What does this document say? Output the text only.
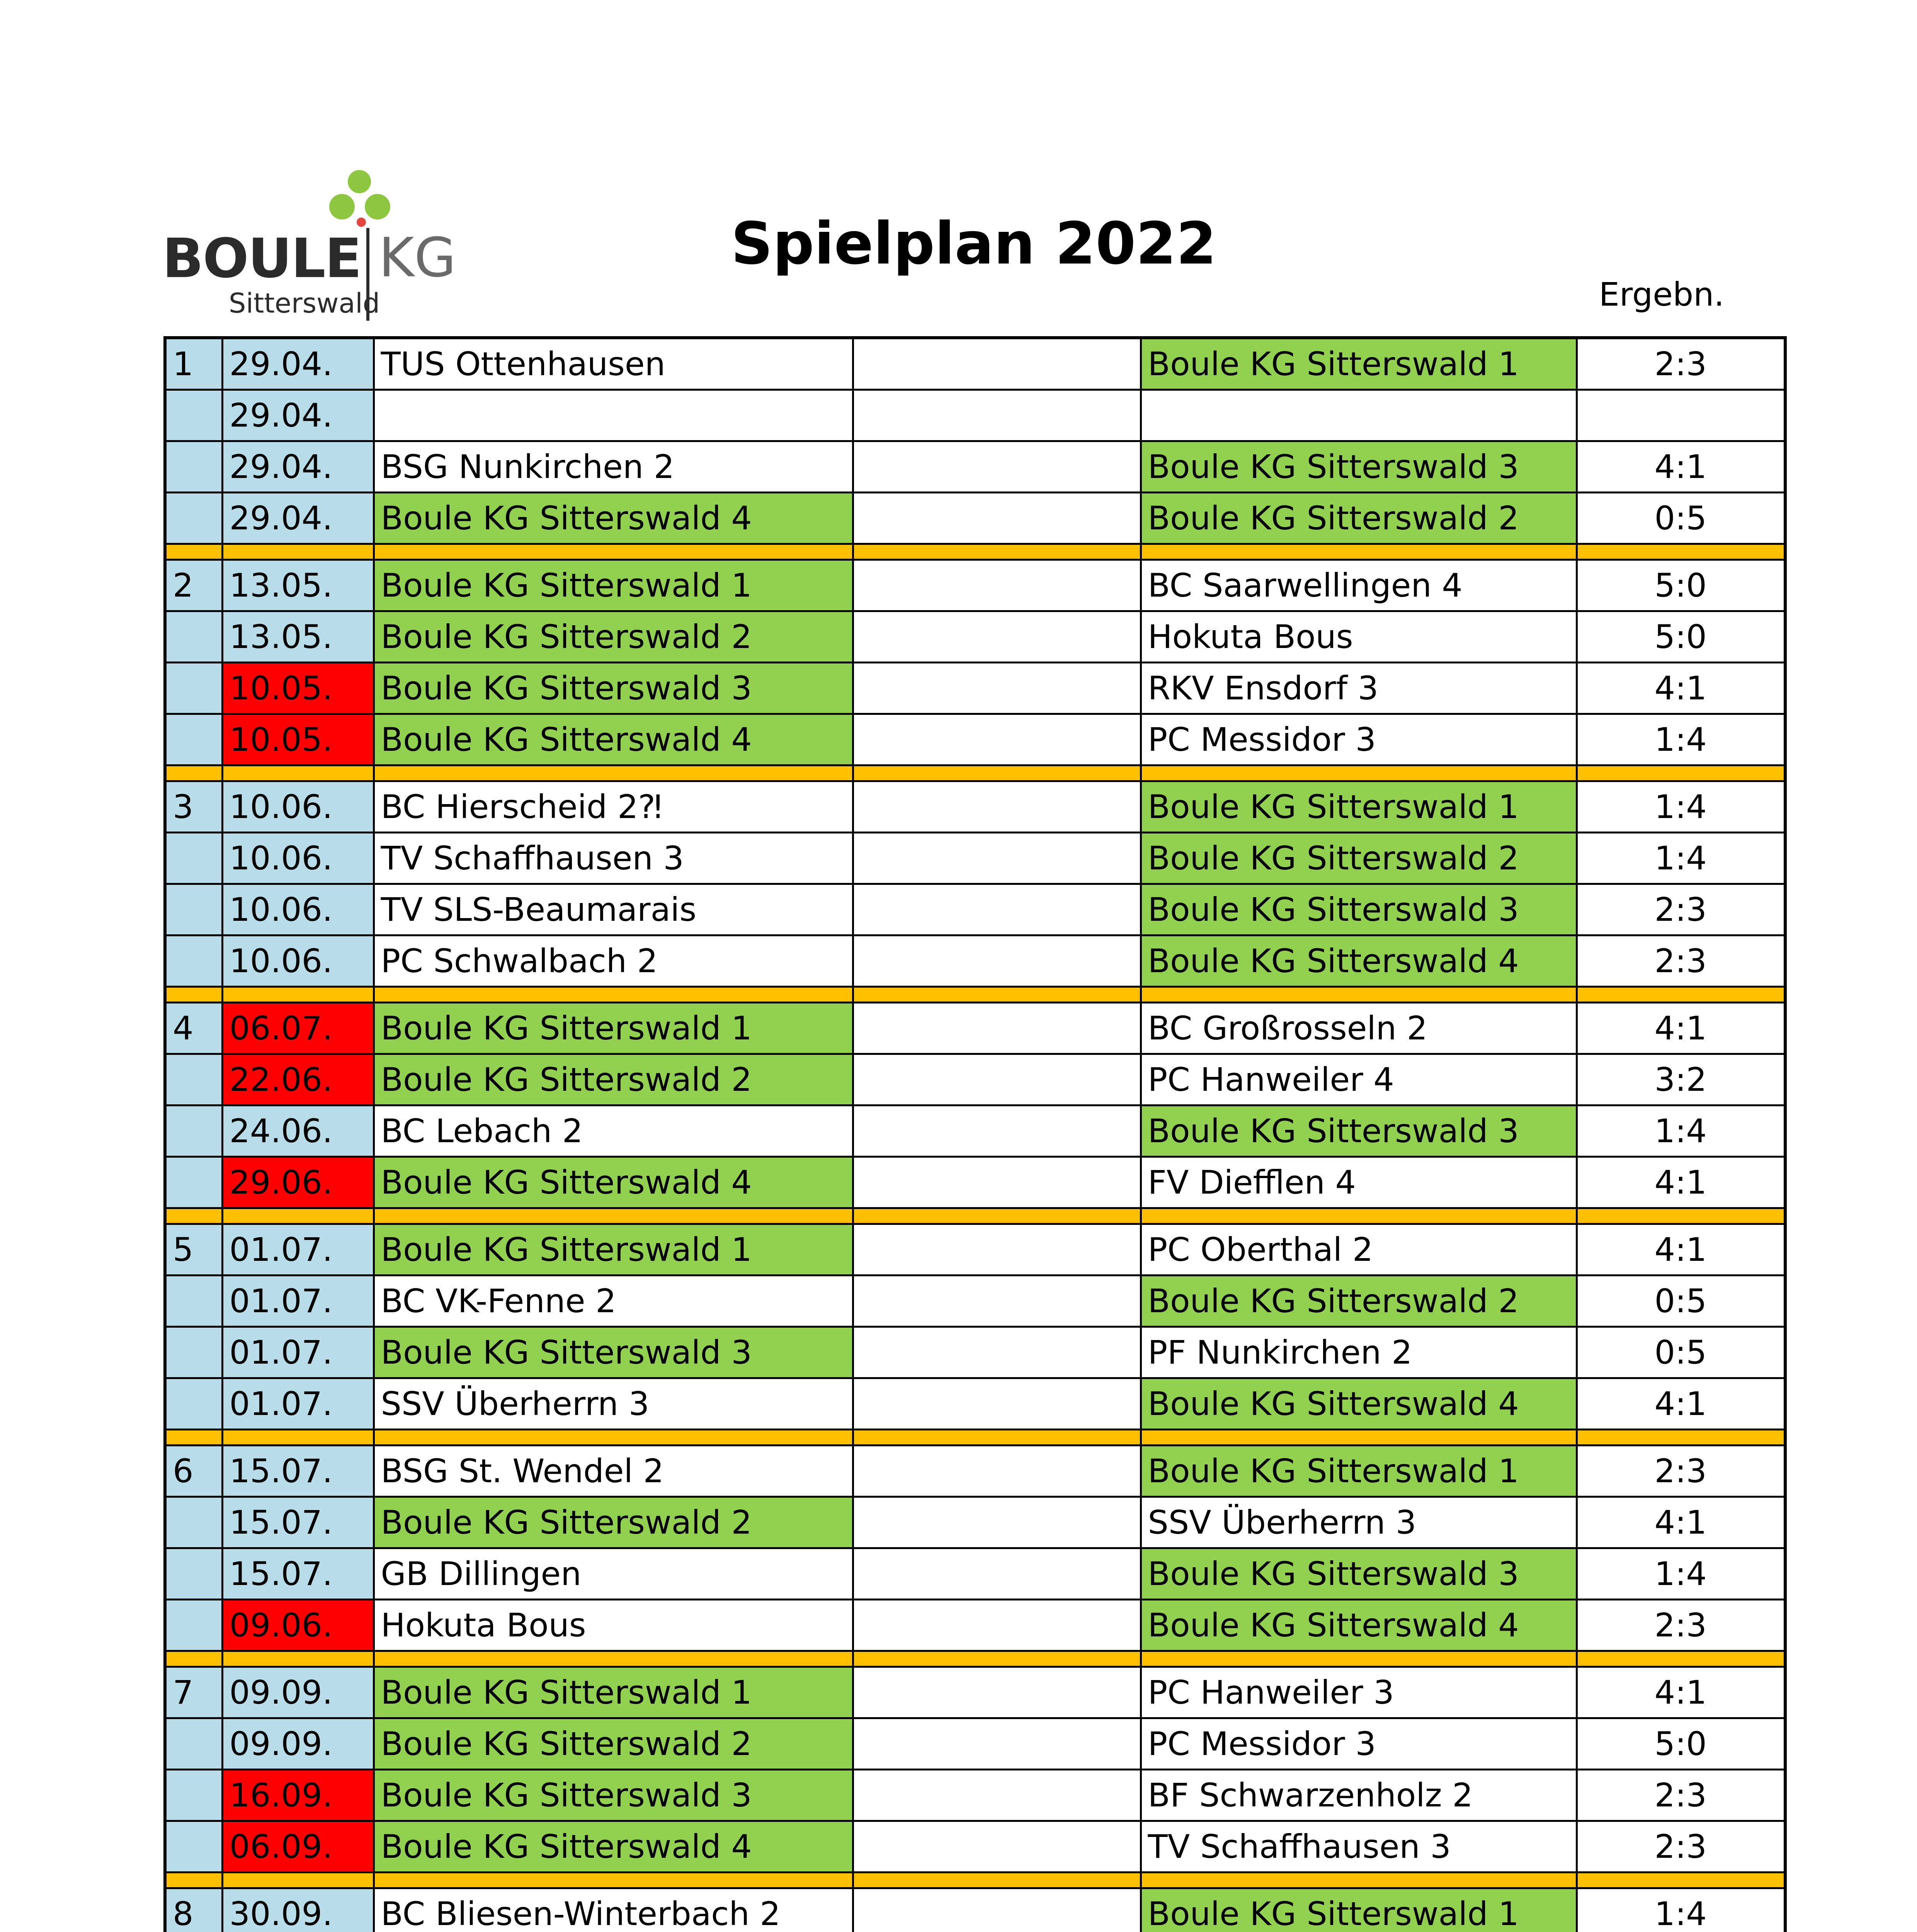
BOULE KG
Sitterswald
Spielplan 2022
Ergebn.
1	29.04.	TUS Ottenhausen		Boule KG Sitterswald 1	2:3
	29.04.				
	29.04.	BSG Nunkirchen 2		Boule KG Sitterswald 3	4:1
	29.04.	Boule KG Sitterswald 4		Boule KG Sitterswald 2	0:5

2	13.05.	Boule KG Sitterswald 1		BC Saarwellingen 4	5:0
	13.05.	Boule KG Sitterswald 2		Hokuta Bous	5:0
	10.05.	Boule KG Sitterswald 3		RKV Ensdorf 3	4:1
	10.05.	Boule KG Sitterswald 4		PC Messidor 3	1:4

3	10.06.	BC Hierscheid 2⁈		Boule KG Sitterswald 1	1:4
	10.06.	TV Schaffhausen 3		Boule KG Sitterswald 2	1:4
	10.06.	TV SLS-Beaumarais		Boule KG Sitterswald 3	2:3
	10.06.	PC Schwalbach 2		Boule KG Sitterswald 4	2:3

4	06.07.	Boule KG Sitterswald 1		BC Großrosseln 2	4:1
	22.06.	Boule KG Sitterswald 2		PC Hanweiler 4	3:2
	24.06.	BC Lebach 2		Boule KG Sitterswald 3	1:4
	29.06.	Boule KG Sitterswald 4		FV Diefflen 4	4:1

5	01.07.	Boule KG Sitterswald 1		PC Oberthal 2	4:1
	01.07.	BC VK-Fenne 2		Boule KG Sitterswald 2	0:5
	01.07.	Boule KG Sitterswald 3		PF Nunkirchen 2	0:5
	01.07.	SSV Überherrn 3		Boule KG Sitterswald 4	4:1

6	15.07.	BSG St. Wendel 2		Boule KG Sitterswald 1	2:3
	15.07.	Boule KG Sitterswald 2		SSV Überherrn 3	4:1
	15.07.	GB Dillingen		Boule KG Sitterswald 3	1:4
	09.06.	Hokuta Bous		Boule KG Sitterswald 4	2:3

7	09.09.	Boule KG Sitterswald 1		PC Hanweiler 3	4:1
	09.09.	Boule KG Sitterswald 2		PC Messidor 3	5:0
	16.09.	Boule KG Sitterswald 3		BF Schwarzenholz 2	2:3
	06.09.	Boule KG Sitterswald 4		TV Schaffhausen 3	2:3

8	30.09.	BC Bliesen-Winterbach 2		Boule KG Sitterswald 1	1:4
